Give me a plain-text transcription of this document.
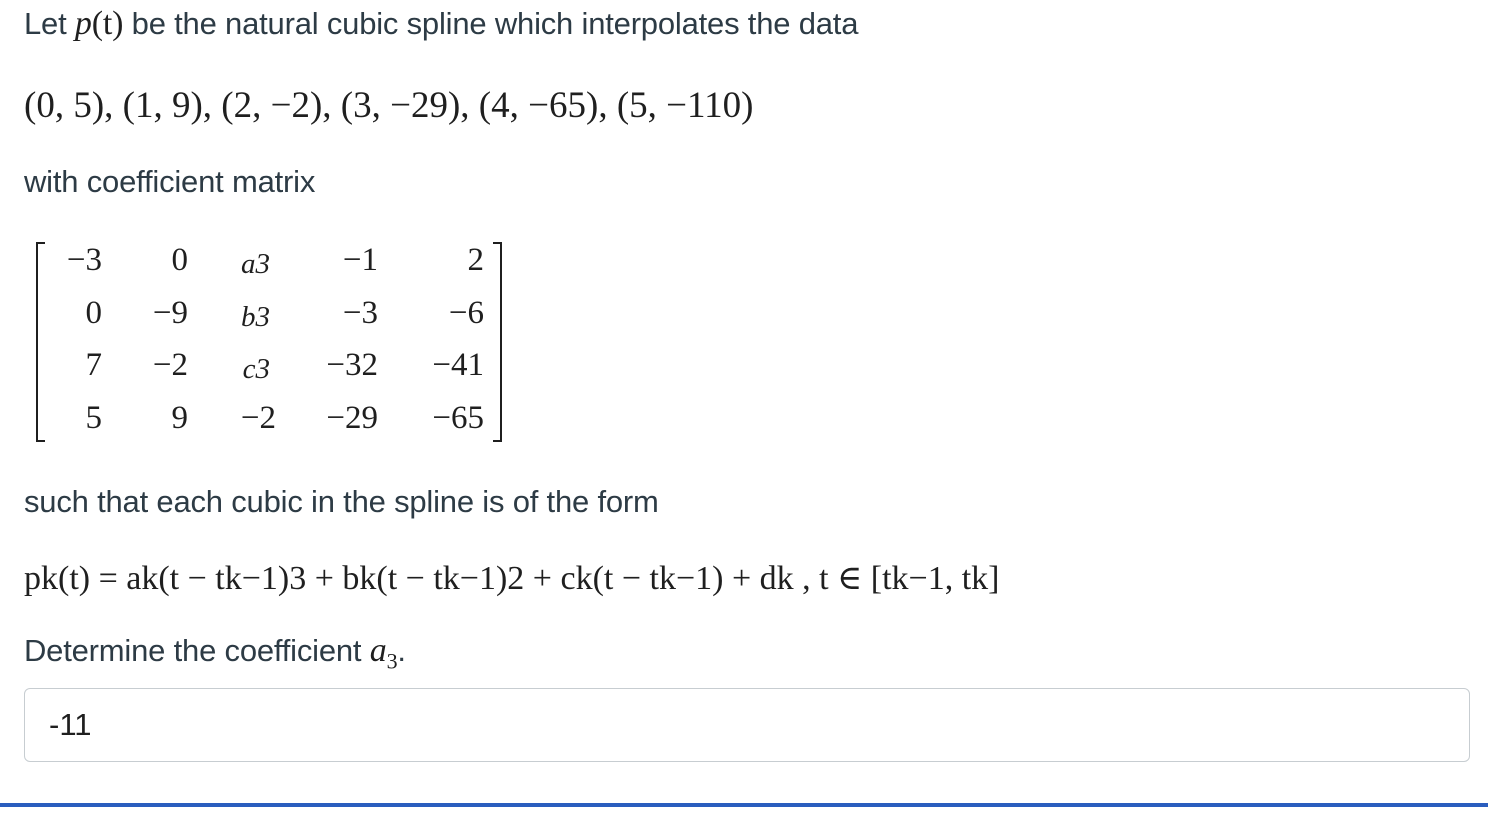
Let p(t) be the natural cubic spline which interpolates the data
(0, 5), (1, 9), (2, −2), (3, −29), (4, −65), (5, −110)
with coefficient matrix
−3	0	a3	−1	2
0	−9	b3	−3	−6
7	−2	c3	−32	−41
5	9	−2	−29	−65
such that each cubic in the spline is of the form
pk(t) = ak(t − tk−1)3 + bk(t − tk−1)2 + ck(t − tk−1) + dk , t ∈ [tk−1, tk]
Determine the coefficient $a_3$.
-11
